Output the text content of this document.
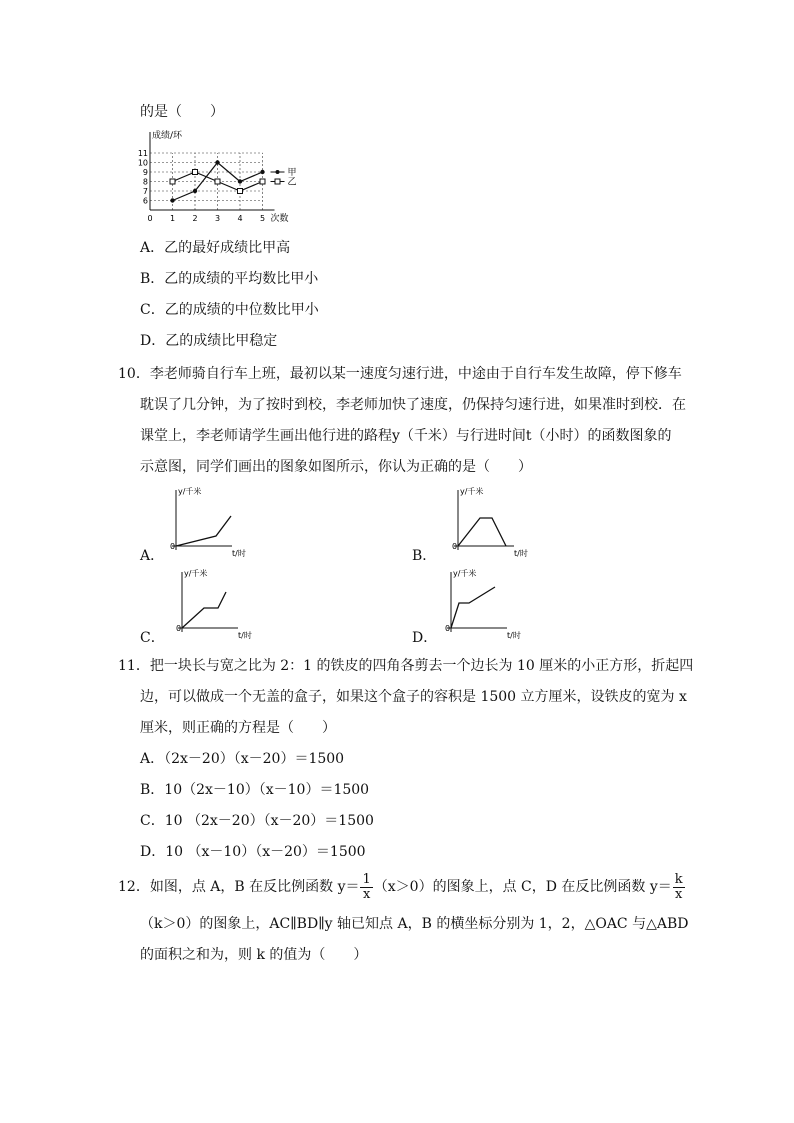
的是（　　）
成绩/环
次数
6
7
8
9
10
11
0 1 2 3 4 5
甲
乙
A．乙的最好成绩比甲高
B．乙的成绩的平均数比甲小
C．乙的成绩的中位数比甲小
D．乙的成绩比甲稳定
10．李老师骑自行车上班，最初以某一速度匀速行进，中途由于自行车发生故障，停下修车
耽误了几分钟，为了按时到校，李老师加快了速度，仍保持匀速行进，如果准时到校．在
课堂上，李老师请学生画出他行进的路程y（千米）与行进时间t（小时）的函数图象的
示意图，同学们画出的图象如图所示，你认为正确的是（　　）
A．
y/千米
t/时
0
B．
y/千米
t/时
0
C．
y/千米
t/时
0
D．
y/千米
t/时
0
11．把一块长与宽之比为 2：1 的铁皮的四角各剪去一个边长为 10 厘米的小正方形，折起四
边，可以做成一个无盖的盒子，如果这个盒子的容积是 1500 立方厘米，设铁皮的宽为 x
厘米，则正确的方程是（　　）
A．（2x－20）（x－20）＝1500
B．10（2x－10）（x－10）＝1500
C．10 （2x－20）（x－20）＝1500
D．10 （x－10）（x－20）＝1500
12．如图，点 A，B 在反比例函数 $y= \frac{1}{x} (x>0)$的图象上，点 C，D 在反比例函数 $y= \frac{k}{x}$
（k＞0）的图象上，AC∥BD∥y 轴已知点 A，B 的横坐标分别为 1，2，△OAC 与△ABD
的面积之和为，则 k 的值为（　　）
